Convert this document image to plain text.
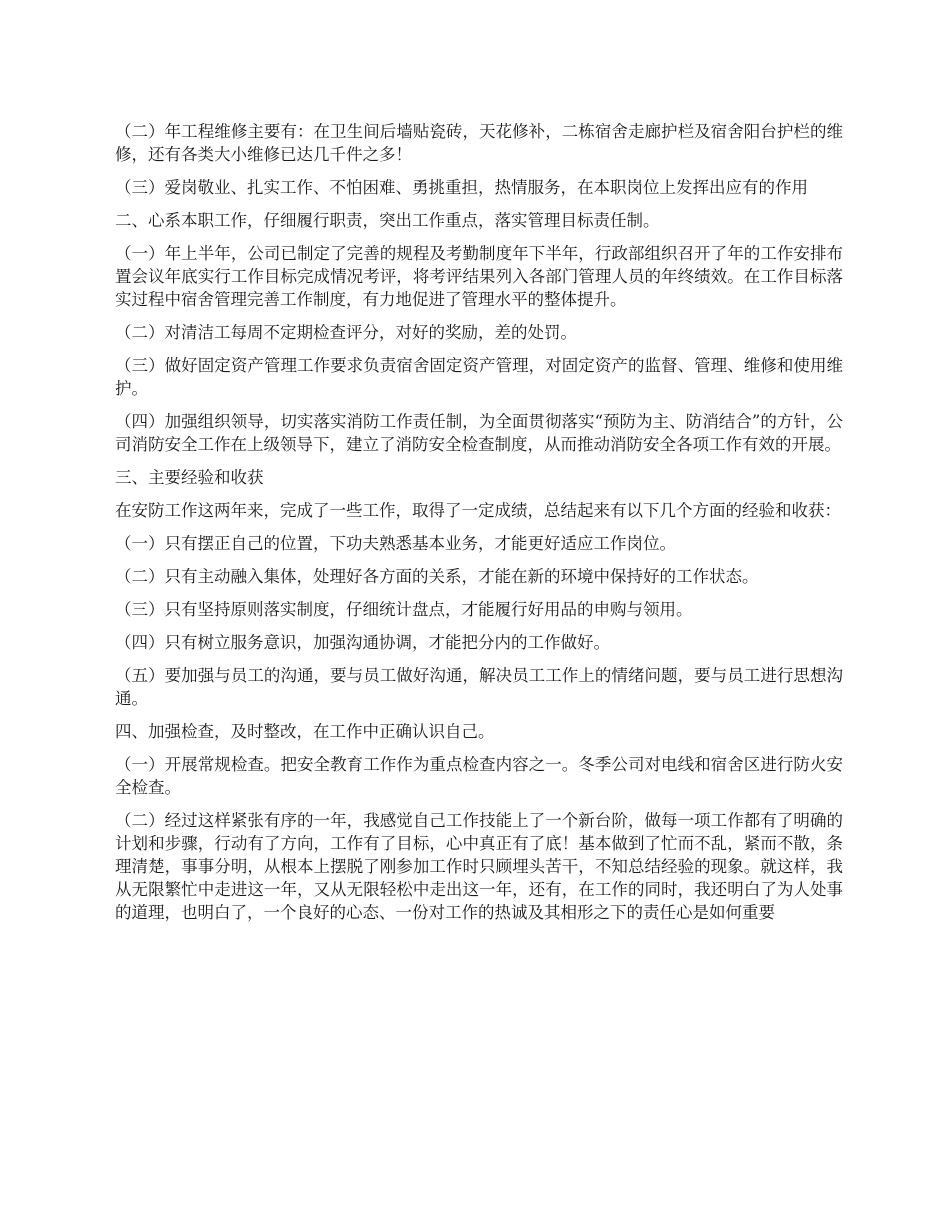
（二）年工程维修主要有：在卫生间后墙贴瓷砖，天花修补，二栋宿舍走廊护栏及宿舍阳台护栏的维修，还有各类大小维修已达几千件之多！

（三）爱岗敬业、扎实工作、不怕困难、勇挑重担，热情服务，在本职岗位上发挥出应有的作用

二、心系本职工作，仔细履行职责，突出工作重点，落实管理目标责任制。

（一）年上半年，公司已制定了完善的规程及考勤制度年下半年，行政部组织召开了年的工作安排布置会议年底实行工作目标完成情况考评，将考评结果列入各部门管理人员的年终绩效。在工作目标落实过程中宿舍管理完善工作制度，有力地促进了管理水平的整体提升。

（二）对清洁工每周不定期检查评分，对好的奖励，差的处罚。

（三）做好固定资产管理工作要求负责宿舍固定资产管理，对固定资产的监督、管理、维修和使用维护。

（四）加强组织领导，切实落实消防工作责任制，为全面贯彻落实“预防为主、防消结合”的方针，公司消防安全工作在上级领导下，建立了消防安全检查制度，从而推动消防安全各项工作有效的开展。

三、主要经验和收获

在安防工作这两年来，完成了一些工作，取得了一定成绩，总结起来有以下几个方面的经验和收获：

（一）只有摆正自己的位置，下功夫熟悉基本业务，才能更好适应工作岗位。

（二）只有主动融入集体，处理好各方面的关系，才能在新的环境中保持好的工作状态。

（三）只有坚持原则落实制度，仔细统计盘点，才能履行好用品的申购与领用。

（四）只有树立服务意识，加强沟通协调，才能把分内的工作做好。

（五）要加强与员工的沟通，要与员工做好沟通，解决员工工作上的情绪问题，要与员工进行思想沟通。

四、加强检查，及时整改，在工作中正确认识自己。

（一）开展常规检查。把安全教育工作作为重点检查内容之一。冬季公司对电线和宿舍区进行防火安全检查。

（二）经过这样紧张有序的一年，我感觉自己工作技能上了一个新台阶，做每一项工作都有了明确的计划和步骤，行动有了方向，工作有了目标，心中真正有了底！基本做到了忙而不乱，紧而不散，条理清楚，事事分明，从根本上摆脱了刚参加工作时只顾埋头苦干，不知总结经验的现象。就这样，我从无限繁忙中走进这一年，又从无限轻松中走出这一年，还有，在工作的同时，我还明白了为人处事的道理，也明白了，一个良好的心态、一份对工作的热诚及其相形之下的责任心是如何重要
